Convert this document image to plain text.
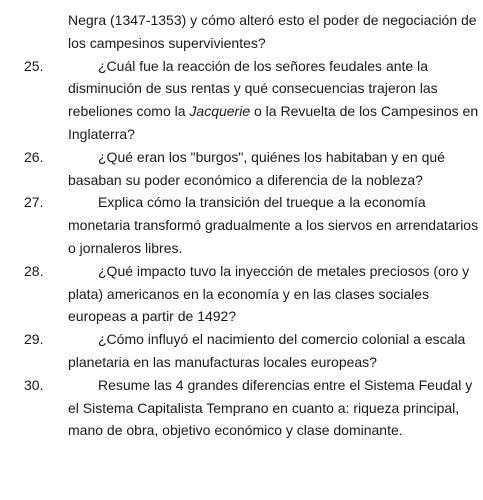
Negra (1347-1353) y cómo alteró esto el poder de negociación de
los campesinos supervivientes?
25.	¿Cuál fue la reacción de los señores feudales ante la
disminución de sus rentas y qué consecuencias trajeron las
rebeliones como la Jacquerie o la Revuelta de los Campesinos en
Inglaterra?
26.	¿Qué eran los "burgos", quiénes los habitaban y en qué
basaban su poder económico a diferencia de la nobleza?
27.	Explica cómo la transición del trueque a la economía
monetaria transformó gradualmente a los siervos en arrendatarios
o jornaleros libres.
28.	¿Qué impacto tuvo la inyección de metales preciosos (oro y
plata) americanos en la economía y en las clases sociales
europeas a partir de 1492?
29.	¿Cómo influyó el nacimiento del comercio colonial a escala
planetaria en las manufacturas locales europeas?
30.	Resume las 4 grandes diferencias entre el Sistema Feudal y
el Sistema Capitalista Temprano en cuanto a: riqueza principal,
mano de obra, objetivo económico y clase dominante.
